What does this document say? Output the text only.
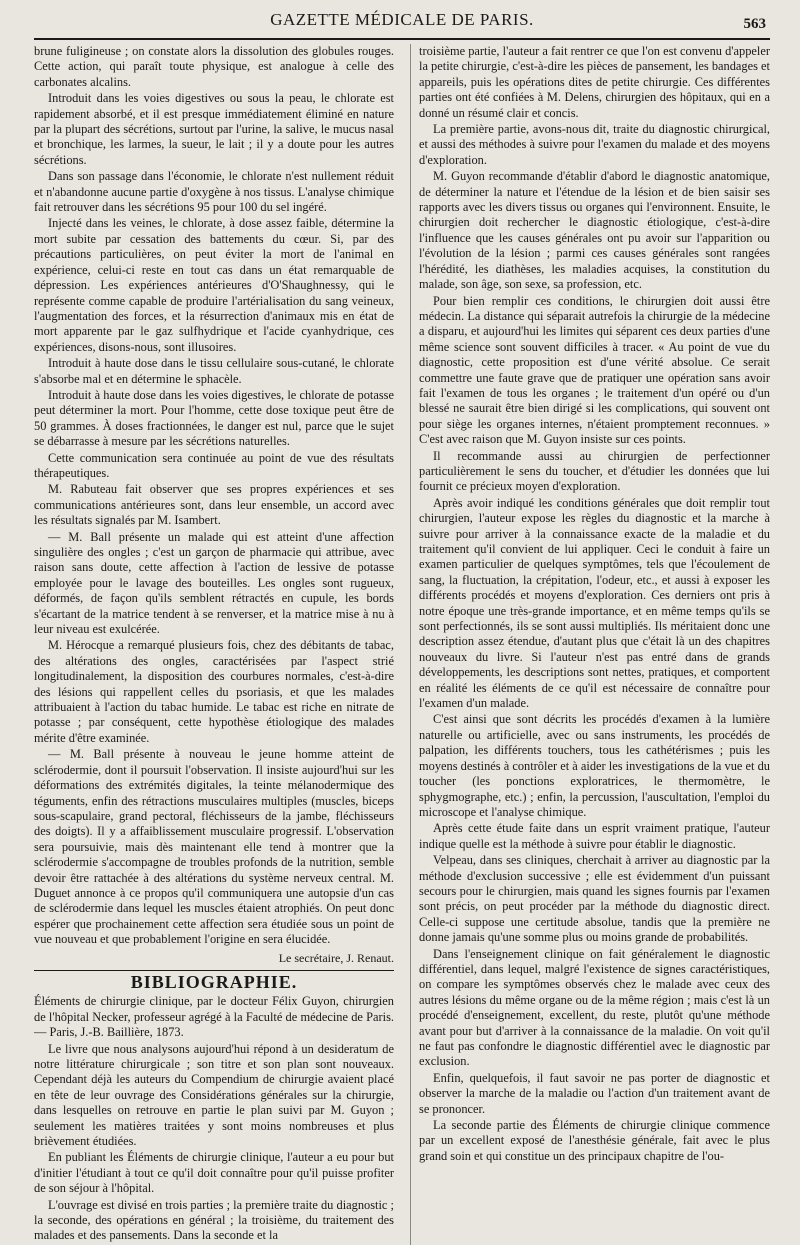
GAZETTE MÉDICALE DE PARIS.	563

brune fuligineuse ; on constate alors la dissolution des globules rouges. Cette action, qui paraît toute physique, est analogue à celle des carbonates alcalins.

Introduit dans les voies digestives ou sous la peau, le chlorate est rapidement absorbé, et il est presque immédiatement éliminé en nature par la plupart des sécrétions, surtout par l'urine, la salive, le mucus nasal et bronchique, les larmes, la sueur, le lait ; il y a doute pour les autres sécrétions.

Dans son passage dans l'économie, le chlorate n'est nullement réduit et n'abandonne aucune partie d'oxygène à nos tissus. L'analyse chimique fait retrouver dans les sécrétions 95 pour 100 du sel ingéré.

Injecté dans les veines, le chlorate, à dose assez faible, détermine la mort subite par cessation des battements du cœur. Si, par des précautions particulières, on peut éviter la mort de l'animal en expérience, celui-ci reste en tout cas dans un état remarquable de dépression. Les expériences antérieures d'O'Shaughnessy, qui le représente comme capable de produire l'artérialisation du sang veineux, l'augmentation des forces, et la résurrection d'animaux mis en état de mort apparente par le gaz sulfhydrique et l'acide cyanhydrique, ces expériences, disons-nous, sont illusoires.

Introduit à haute dose dans le tissu cellulaire sous-cutané, le chlorate s'absorbe mal et en détermine le sphacèle.

Introduit à haute dose dans les voies digestives, le chlorate de potasse peut déterminer la mort. Pour l'homme, cette dose toxique peut être de 50 grammes. À doses fractionnées, le danger est nul, parce que le sujet se débarrasse à mesure par les sécrétions naturelles.

Cette communication sera continuée au point de vue des résultats thérapeutiques.

M. Rabuteau fait observer que ses propres expériences et ses communications antérieures sont, dans leur ensemble, un accord avec les résultats signalés par M. Isambert.

— M. Ball présente un malade qui est atteint d'une affection singulière des ongles ; c'est un garçon de pharmacie qui attribue, avec raison sans doute, cette affection à l'action de lessive de potasse employée pour le lavage des bouteilles. Les ongles sont rugueux, déformés, de façon qu'ils semblent rétractés en cupule, les bords s'écartant de la matrice tendent à se renverser, et la matrice mise à nu à leur niveau est exulcérée.

M. Hérocque a remarqué plusieurs fois, chez des débitants de tabac, des altérations des ongles, caractérisées par l'aspect strié longitudinalement, la disposition des courbures normales, c'est-à-dire des lésions qui rappellent celles du psoriasis, et que les malades attribuaient à l'action du tabac humide. Le tabac est riche en nitrate de potasse ; par conséquent, cette hypothèse étiologique des malades mérite d'être examinée.

— M. Ball présente à nouveau le jeune homme atteint de sclérodermie, dont il poursuit l'observation. Il insiste aujourd'hui sur les déformations des extrémités digitales, la teinte mélanodermique des téguments, enfin des rétractions musculaires multiples (muscles, biceps sous-scapulaire, grand pectoral, fléchisseurs de la jambe, fléchisseurs des doigts). Il y a affaiblissement musculaire progressif. L'observation sera poursuivie, mais dès maintenant elle tend à montrer que la sclérodermie s'accompagne de troubles profonds de la nutrition, semble devoir être rattachée à des altérations du système nerveux central. M. Duguet annonce à ce propos qu'il communiquera une autopsie d'un cas de sclérodermie dans lequel les muscles étaient atrophiés. On peut donc espérer que prochainement cette affection sera étudiée sous un point de vue nouveau et que probablement l'origine en sera élucidée.

Le secrétaire, J. Renaut.
BIBLIOGRAPHIE.

Éléments de chirurgie clinique, par le docteur Félix Guyon, chirurgien de l'hôpital Necker, professeur agrégé à la Faculté de médecine de Paris. — Paris, J.-B. Baillière, 1873.

Le livre que nous analysons aujourd'hui répond à un desideratum de notre littérature chirurgicale ; son titre et son plan sont nouveaux. Cependant déjà les auteurs du Compendium de chirurgie avaient placé en tête de leur ouvrage des Considérations générales sur la chirurgie, dans lesquelles on retrouve en partie le plan suivi par M. Guyon ; seulement les matières traitées y sont moins nombreuses et plus brièvement étudiées.

En publiant les Éléments de chirurgie clinique, l'auteur a eu pour but d'initier l'étudiant à tout ce qu'il doit connaître pour qu'il puisse profiter de son séjour à l'hôpital.

L'ouvrage est divisé en trois parties ; la première traite du diagnostic ; la seconde, des opérations en général ; la troisième, du traitement des malades et des pansements. Dans la seconde et la

troisième partie, l'auteur a fait rentrer ce que l'on est convenu d'appeler la petite chirurgie, c'est-à-dire les pièces de pansement, les bandages et appareils, puis les opérations dites de petite chirurgie. Ces différentes parties ont été confiées à M. Delens, chirurgien des hôpitaux, qui en a donné un résumé clair et concis.

La première partie, avons-nous dit, traite du diagnostic chirurgical, et aussi des méthodes à suivre pour l'examen du malade et des moyens d'exploration.

M. Guyon recommande d'établir d'abord le diagnostic anatomique, de déterminer la nature et l'étendue de la lésion et de bien saisir ses rapports avec les divers tissus ou organes qui l'environnent. Ensuite, le chirurgien doit rechercher le diagnostic étiologique, c'est-à-dire l'influence que les causes générales ont pu avoir sur l'apparition ou l'évolution de la lésion ; parmi ces causes générales sont rangées l'hérédité, les diathèses, les maladies acquises, la constitution du malade, son âge, son sexe, sa profession, etc.

Pour bien remplir ces conditions, le chirurgien doit aussi être médecin. La distance qui séparait autrefois la chirurgie de la médecine a disparu, et aujourd'hui les limites qui séparent ces deux parties d'une même science sont souvent difficiles à tracer. « Au point de vue du diagnostic, cette proposition est d'une vérité absolue. Ce serait commettre une faute grave que de pratiquer une opération sans avoir fait l'examen de tous les organes ; le traitement d'un opéré ou d'un blessé ne saurait être bien dirigé si les complications, qui souvent ont pour siège les organes internes, n'étaient promptement reconnues. » C'est avec raison que M. Guyon insiste sur ces points.

Il recommande aussi au chirurgien de perfectionner particulièrement le sens du toucher, et d'étudier les données que lui fournit ce précieux moyen d'exploration.

Après avoir indiqué les conditions générales que doit remplir tout chirurgien, l'auteur expose les règles du diagnostic et la marche à suivre pour arriver à la connaissance exacte de la maladie et du traitement qu'il convient de lui appliquer. Ceci le conduit à faire un examen particulier de quelques symptômes, tels que l'écoulement de sang, la fluctuation, la crépitation, l'odeur, etc., et aussi à exposer les différents procédés et moyens d'exploration. Ces derniers ont pris à notre époque une très-grande importance, et en même temps qu'ils se sont perfectionnés, ils se sont aussi multipliés. Ils méritaient donc une description assez étendue, d'autant plus que c'était là un des chapitres nouveaux du livre. Si l'auteur n'est pas entré dans de grands développements, les descriptions sont nettes, pratiques, et comportent en réalité les éléments de ce qu'il est nécessaire de connaître pour l'examen d'un malade.

C'est ainsi que sont décrits les procédés d'examen à la lumière naturelle ou artificielle, avec ou sans instruments, les procédés de palpation, les différents touchers, tous les cathétérismes ; puis les moyens destinés à contrôler et à aider les investigations de la vue et du toucher (les ponctions exploratrices, le thermomètre, le sphygmographe, etc.) ; enfin, la percussion, l'auscultation, l'emploi du microscope et l'analyse chimique.

Après cette étude faite dans un esprit vraiment pratique, l'auteur indique quelle est la méthode à suivre pour établir le diagnostic.

Velpeau, dans ses cliniques, cherchait à arriver au diagnostic par la méthode d'exclusion successive ; elle est évidemment d'un puissant secours pour le chirurgien, mais quand les signes fournis par l'examen sont précis, on peut procéder par la méthode du diagnostic direct. Celle-ci suppose une certitude absolue, tandis que la première ne donne jamais qu'une somme plus ou moins grande de probabilités.

Dans l'enseignement clinique on fait généralement le diagnostic différentiel, dans lequel, malgré l'existence de signes caractéristiques, on compare les symptômes observés chez le malade avec ceux des autres lésions du même organe ou de la même région ; mais c'est là un procédé d'enseignement, excellent, du reste, plutôt qu'une méthode avant pour but d'arriver à la connaissance de la maladie. On voit qu'il ne faut pas confondre le diagnostic différentiel avec le diagnostic par exclusion.

Enfin, quelquefois, il faut savoir ne pas porter de diagnostic et observer la marche de la maladie ou l'action d'un traitement avant de se prononcer.

La seconde partie des Éléments de chirurgie clinique commence par un excellent exposé de l'anesthésie générale, fait avec le plus grand soin et qui constitue un des principaux chapitre de l'ou-
